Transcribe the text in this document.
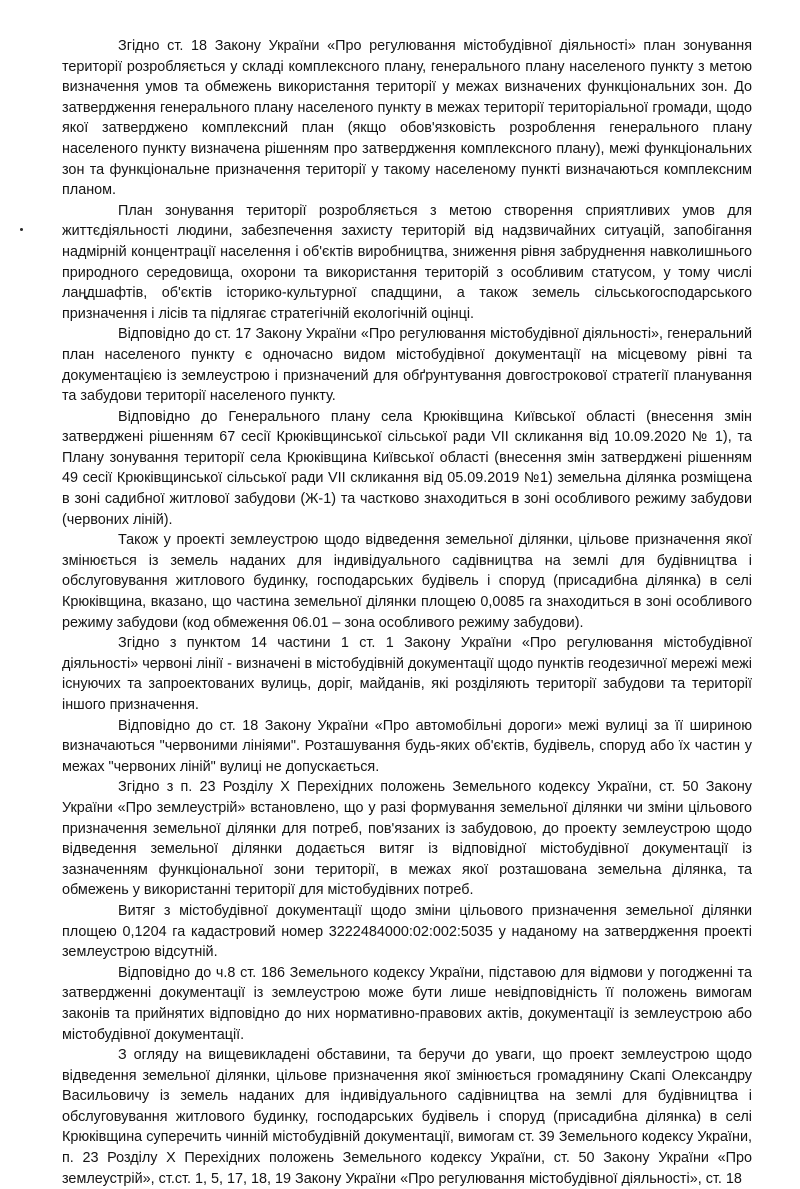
Згідно ст. 18 Закону України «Про регулювання містобудівної діяльності» план зонування території розробляється у складі комплексного плану, генерального плану населеного пункту з метою визначення умов та обмежень використання території у межах визначених функціональних зон. До затвердження генерального плану населеного пункту в межах території територіальної громади, щодо якої затверджено комплексний план (якщо обов'язковість розроблення генерального плану населеного пункту визначена рішенням про затвердження комплексного плану), межі функціональних зон та функціональне призначення території у такому населеному пункті визначаються комплексним планом.

План зонування території розробляється з метою створення сприятливих умов для життєдіяльності людини, забезпечення захисту територій від надзвичайних ситуацій, запобігання надмірній концентрації населення і об'єктів виробництва, зниження рівня забруднення навколишнього природного середовища, охорони та використання територій з особливим статусом, у тому числі ландшафтів, об'єктів історико-культурної спадщини, а також земель сільськогосподарського призначення і лісів та підлягає стратегічній екологічній оцінці.

Відповідно до ст. 17 Закону України «Про регулювання містобудівної діяльності», генеральний план населеного пункту є одночасно видом містобудівної документації на місцевому рівні та документацією із землеустрою і призначений для обґрунтування довгострокової стратегії планування та забудови території населеного пункту.

Відповідно до Генерального плану села Крюківщина Київської області (внесення змін затверджені рішенням 67 сесії Крюківщинської сільської ради VII скликання від 10.09.2020 № 1), та Плану зонування території села Крюківщина Київської області (внесення змін затверджені рішенням 49 сесії Крюківщинської сільської ради VII скликання від 05.09.2019 №1) земельна ділянка розміщена в зоні садибної житлової забудови (Ж-1) та частково знаходиться в зоні особливого режиму забудови (червоних ліній).

Також у проекті землеустрою щодо відведення земельної ділянки, цільове призначення якої змінюється із земель наданих для індивідуального садівництва на землі для будівництва і обслуговування житлового будинку, господарських будівель і споруд (присадибна ділянка) в селі Крюківщина, вказано, що частина земельної ділянки площею 0,0085 га знаходиться в зоні особливого режиму забудови (код обмеження 06.01 – зона особливого режиму забудови).

Згідно з пунктом 14 частини 1 ст. 1 Закону України «Про регулювання містобудівної діяльності» червоні лінії - визначені в містобудівній документації щодо пунктів геодезичної мережі межі існуючих та запроектованих вулиць, доріг, майданів, які розділяють території забудови та території іншого призначення.

Відповідно до ст. 18 Закону України «Про автомобільні дороги» межі вулиці за її шириною визначаються "червоними лініями". Розташування будь-яких об'єктів, будівель, споруд або їх частин у межах "червоних ліній" вулиці не допускається.

Згідно з п. 23 Розділу X Перехідних положень Земельного кодексу України, ст. 50 Закону України «Про землеустрій» встановлено, що у разі формування земельної ділянки чи зміни цільового призначення земельної ділянки для потреб, пов'язаних із забудовою, до проекту землеустрою щодо відведення земельної ділянки додається витяг із відповідної містобудівної документації із зазначенням функціональної зони території, в межах якої розташована земельна ділянка, та обмежень у використанні території для містобудівних потреб.

Витяг з містобудівної документації щодо зміни цільового призначення земельної ділянки площею 0,1204 га кадастровий номер 3222484000:02:002:5035 у наданому на затвердження проекті землеустрою відсутній.

Відповідно до ч.8 ст. 186 Земельного кодексу України, підставою для відмови у погодженні та затвердженні документації із землеустрою може бути лише невідповідність її положень вимогам законів та прийнятих відповідно до них нормативно-правових актів, документації із землеустрою або містобудівної документації.

З огляду на вищевикладені обставини, та беручи до уваги, що проект землеустрою щодо відведення земельної ділянки, цільове призначення якої змінюється громадянину Скапі Олександру Васильовичу із земель наданих для індивідуального садівництва на землі для будівництва і обслуговування житлового будинку, господарських будівель і споруд (присадибна ділянка) в селі Крюківщина суперечить чинній містобудівній документації, вимогам ст. 39 Земельного кодексу України, п. 23 Розділу X Перехідних положень Земельного кодексу України, ст. 50 Закону України «Про землеустрій», ст.ст. 1, 5, 17, 18, 19 Закону України «Про регулювання містобудівної діяльності», ст. 18
